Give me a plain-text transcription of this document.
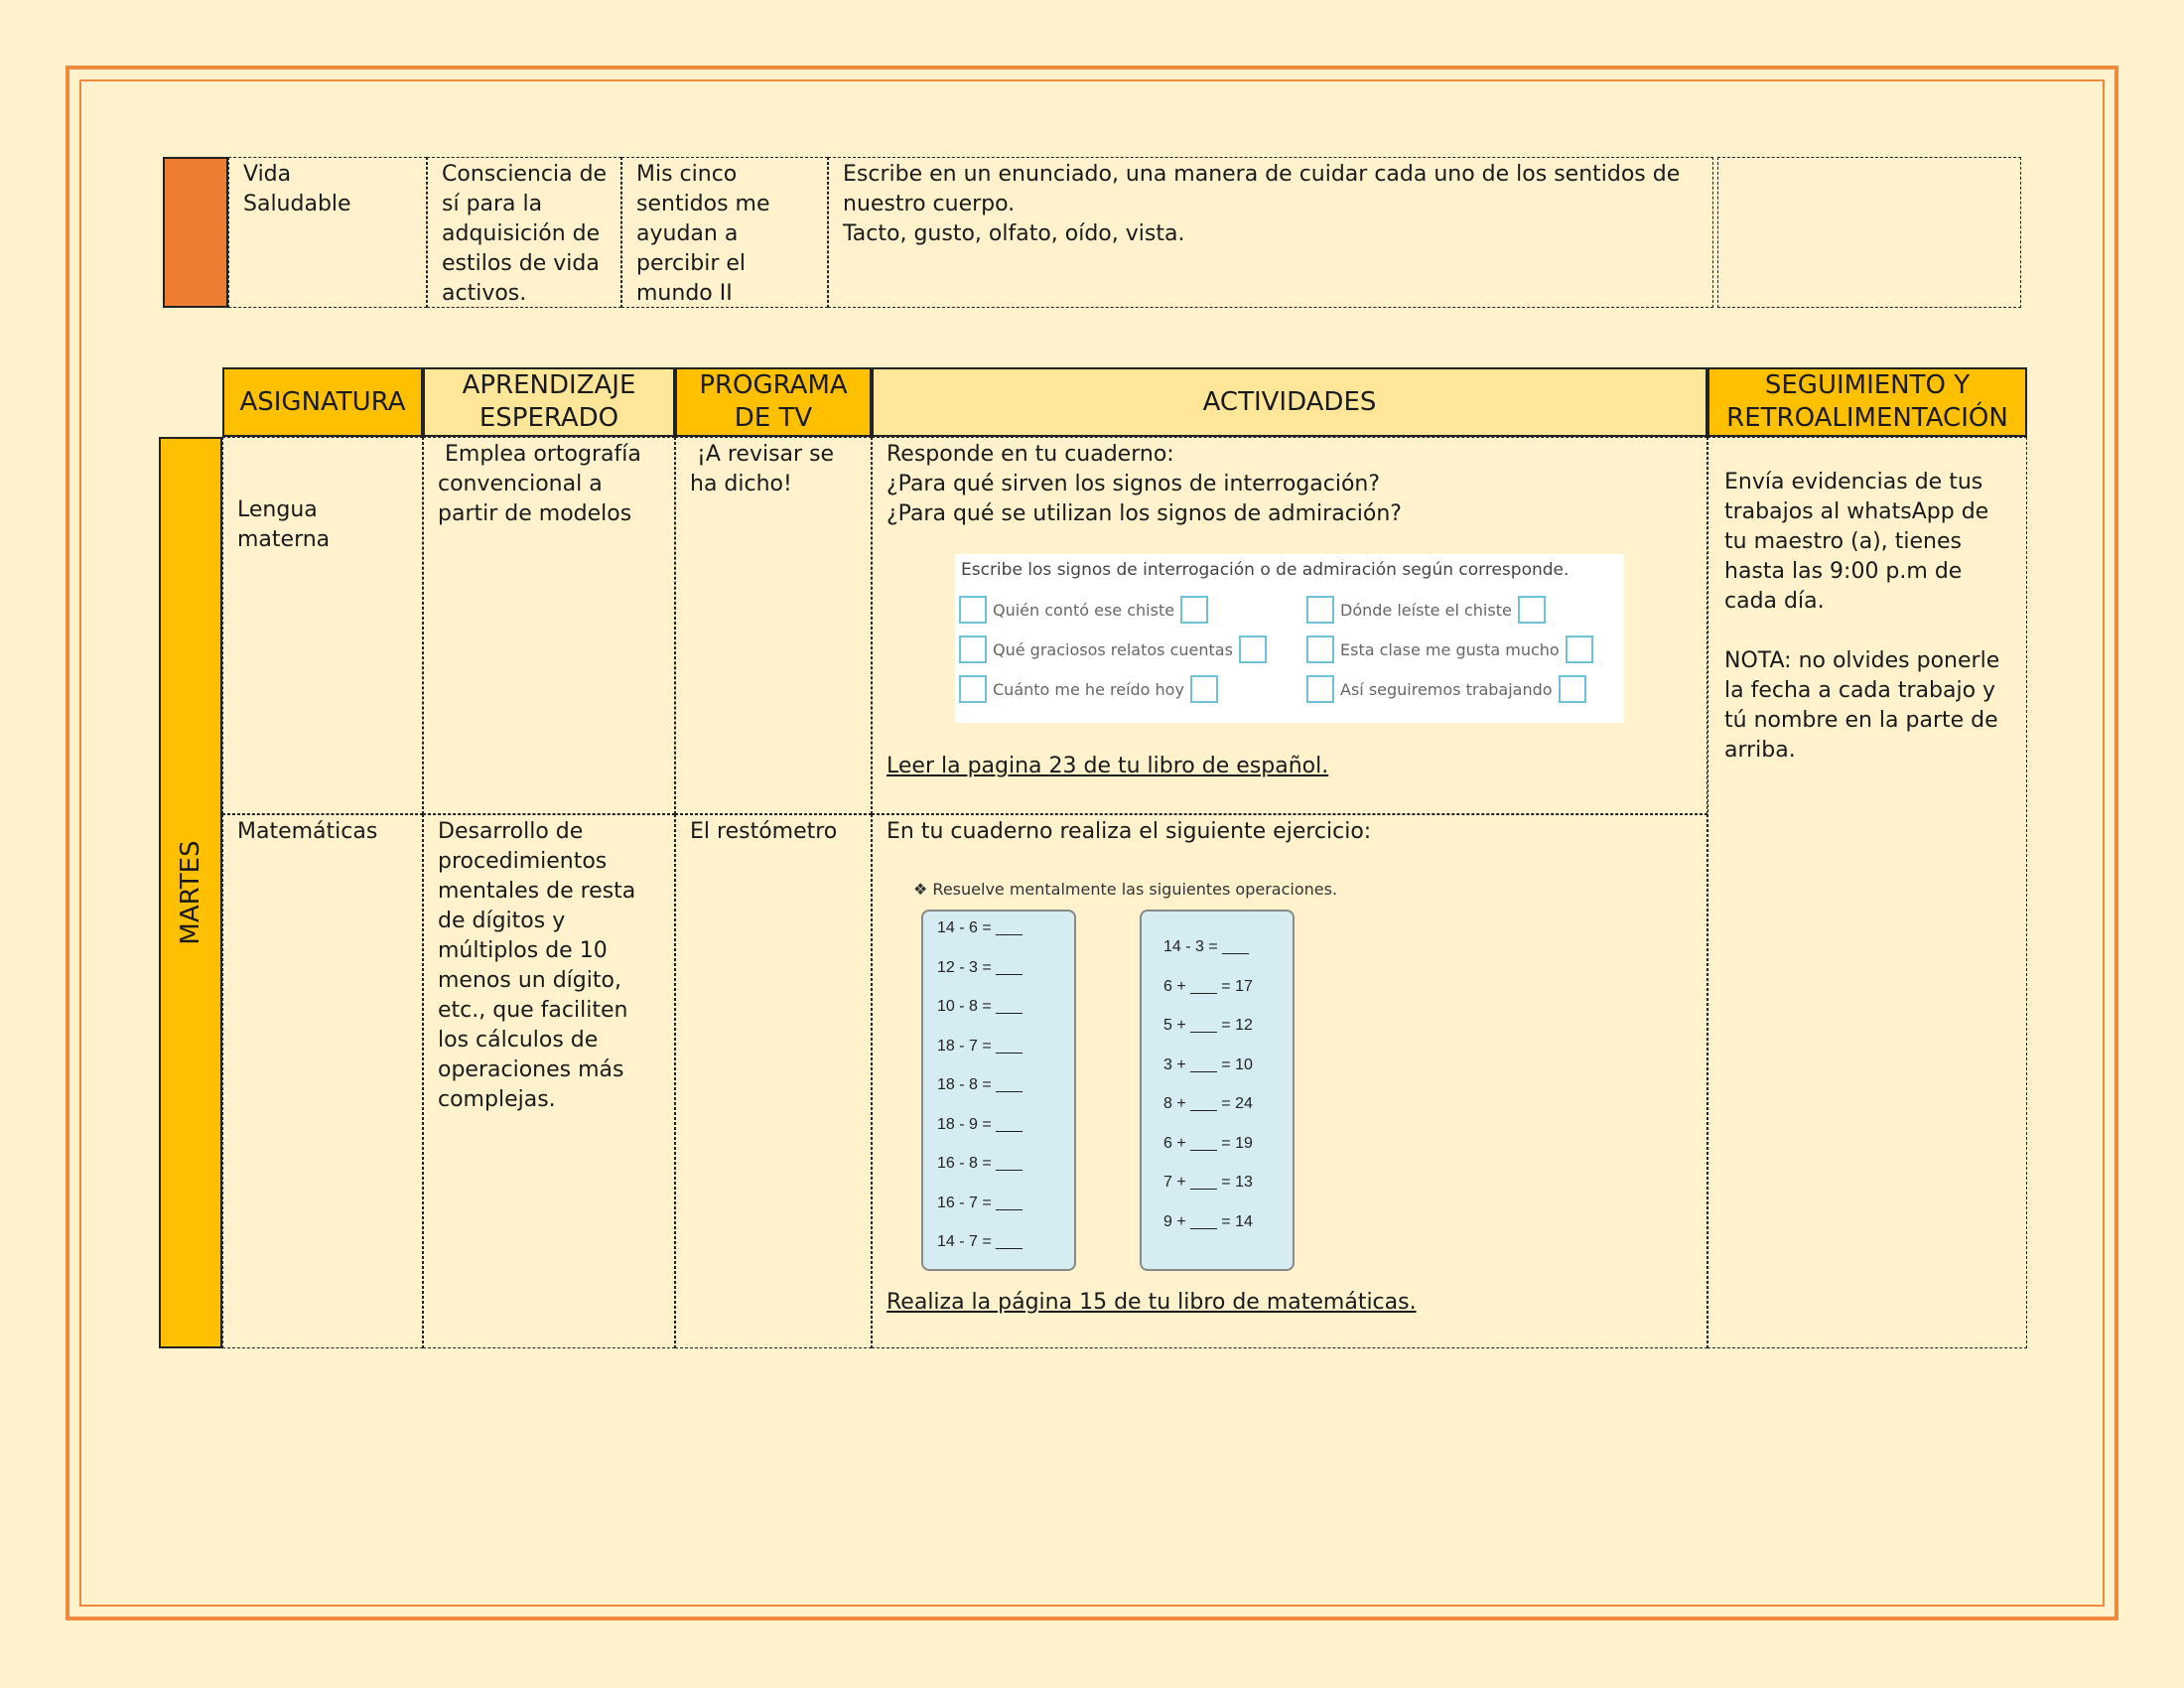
Vida
Saludable
Consciencia de
sí para la
adquisición de
estilos de vida
activos.
Mis cinco
sentidos me
ayudan a
percibir el
mundo II
Escribe en un enunciado, una manera de cuidar cada uno de los sentidos de
nuestro cuerpo.
Tacto, gusto, olfato, oído, vista.
ASIGNATURA
APRENDIZAJE
ESPERADO
PROGRAMA
DE TV
ACTIVIDADES
SEGUIMIENTO Y
RETROALIMENTACIÓN
MARTES
Lengua
materna
Emplea ortografía
convencional a
partir de modelos
¡A revisar se
ha dicho!
Responde en tu cuaderno:
¿Para qué sirven los signos de interrogación?
¿Para qué se utilizan los signos de admiración?
Leer la pagina 23 de tu libro de español.
Escribe los signos de interrogación o de admiración según corresponde.
Quién contó ese chiste
Qué graciosos relatos cuentas
Cuánto me he reído hoy
Dónde leíste el chiste
Esta clase me gusta mucho
Así seguiremos trabajando
Matemáticas	Desarrollo de
procedimientos
mentales de resta
de dígitos y
múltiplos de 10
menos un dígito,
etc., que faciliten
los cálculos de
operaciones más
complejas.
El restómetro	En tu cuaderno realiza el siguiente ejercicio:
Realiza la página 15 de tu libro de matemáticas.
❖ Resuelve mentalmente las siguientes operaciones.
14 - 6 = ___
12 - 3 = ___
10 - 8 = ___
18 - 7 = ___
18 - 8 = ___
18 - 9 = ___
16 - 8 = ___
16 - 7 = ___
14 - 7 = ___
14 - 3 = ___
6 + ___ = 17
5 + ___ = 12
3 + ___ = 10
8 + ___ = 24
6 + ___ = 19
7 + ___ = 13
9 + ___ = 14
Envía evidencias de tus
trabajos al whatsApp de
tu maestro (a), tienes
hasta las 9:00 p.m de
cada día.

NOTA: no olvides ponerle
la fecha a cada trabajo y
tú nombre en la parte de
arriba.
